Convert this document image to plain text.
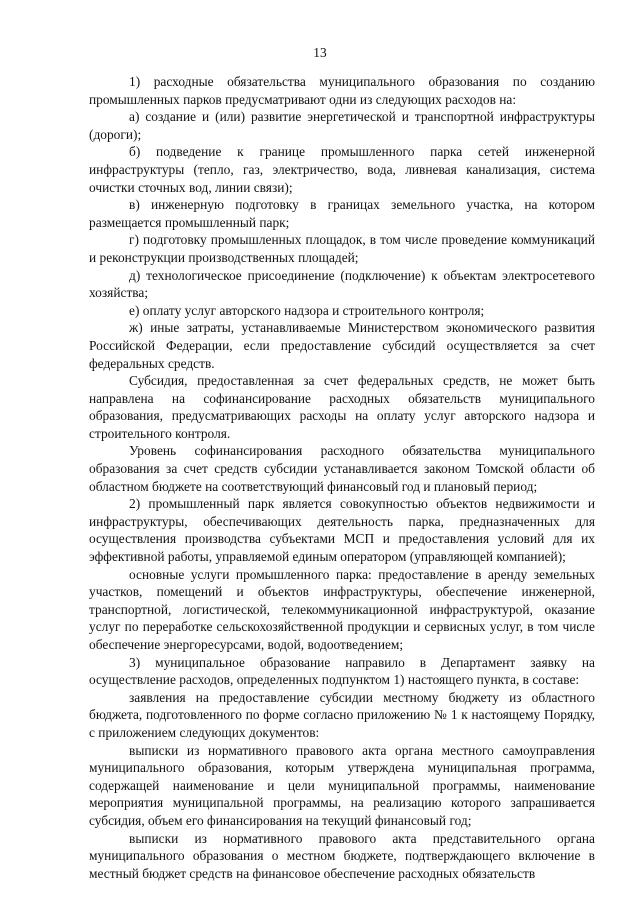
13

1) расходные обязательства муниципального образования по созданию промышленных парков предусматривают одни из следующих расходов на:

а) создание и (или) развитие энергетической и транспортной инфраструктуры (дороги);

б) подведение к границе промышленного парка сетей инженерной инфраструктуры (тепло, газ, электричество, вода, ливневая канализация, система очистки сточных вод, линии связи);

в) инженерную подготовку в границах земельного участка, на котором размещается промышленный парк;

г) подготовку промышленных площадок, в том числе проведение коммуникаций и реконструкции производственных площадей;

д) технологическое присоединение (подключение) к объектам электросетевого хозяйства;

е) оплату услуг авторского надзора и строительного контроля;

ж) иные затраты, устанавливаемые Министерством экономического развития Российской Федерации, если предоставление субсидий осуществляется за счет федеральных средств.

Субсидия, предоставленная за счет федеральных средств, не может быть направлена на софинансирование расходных обязательств муниципального образования, предусматривающих расходы на оплату услуг авторского надзора и строительного контроля.

Уровень софинансирования расходного обязательства муниципального образования за счет средств субсидии устанавливается законом Томской области об областном бюджете на соответствующий финансовый год и плановый период;

2) промышленный парк является совокупностью объектов недвижимости и инфраструктуры, обеспечивающих деятельность парка, предназначенных для осуществления производства субъектами МСП и предоставления условий для их эффективной работы, управляемой единым оператором (управляющей компанией);

основные услуги промышленного парка: предоставление в аренду земельных участков, помещений и объектов инфраструктуры, обеспечение инженерной, транспортной, логистической, телекоммуникационной инфраструктурой, оказание услуг по переработке сельскохозяйственной продукции и сервисных услуг, в том числе обеспечение энергоресурсами, водой, водоотведением;

3) муниципальное образование направило в Департамент заявку на осуществление расходов, определенных подпунктом 1) настоящего пункта, в составе:

заявления на предоставление субсидии местному бюджету из областного бюджета, подготовленного по форме согласно приложению № 1 к настоящему Порядку, с приложением следующих документов:

выписки из нормативного правового акта органа местного самоуправления муниципального образования, которым утверждена муниципальная программа, содержащей наименование и цели муниципальной программы, наименование мероприятия муниципальной программы, на реализацию которого запрашивается субсидия, объем его финансирования на текущий финансовый год;

выписки из нормативного правового акта представительного органа муниципального образования о местном бюджете, подтверждающего включение в местный бюджет средств на финансовое обеспечение расходных обязательств
